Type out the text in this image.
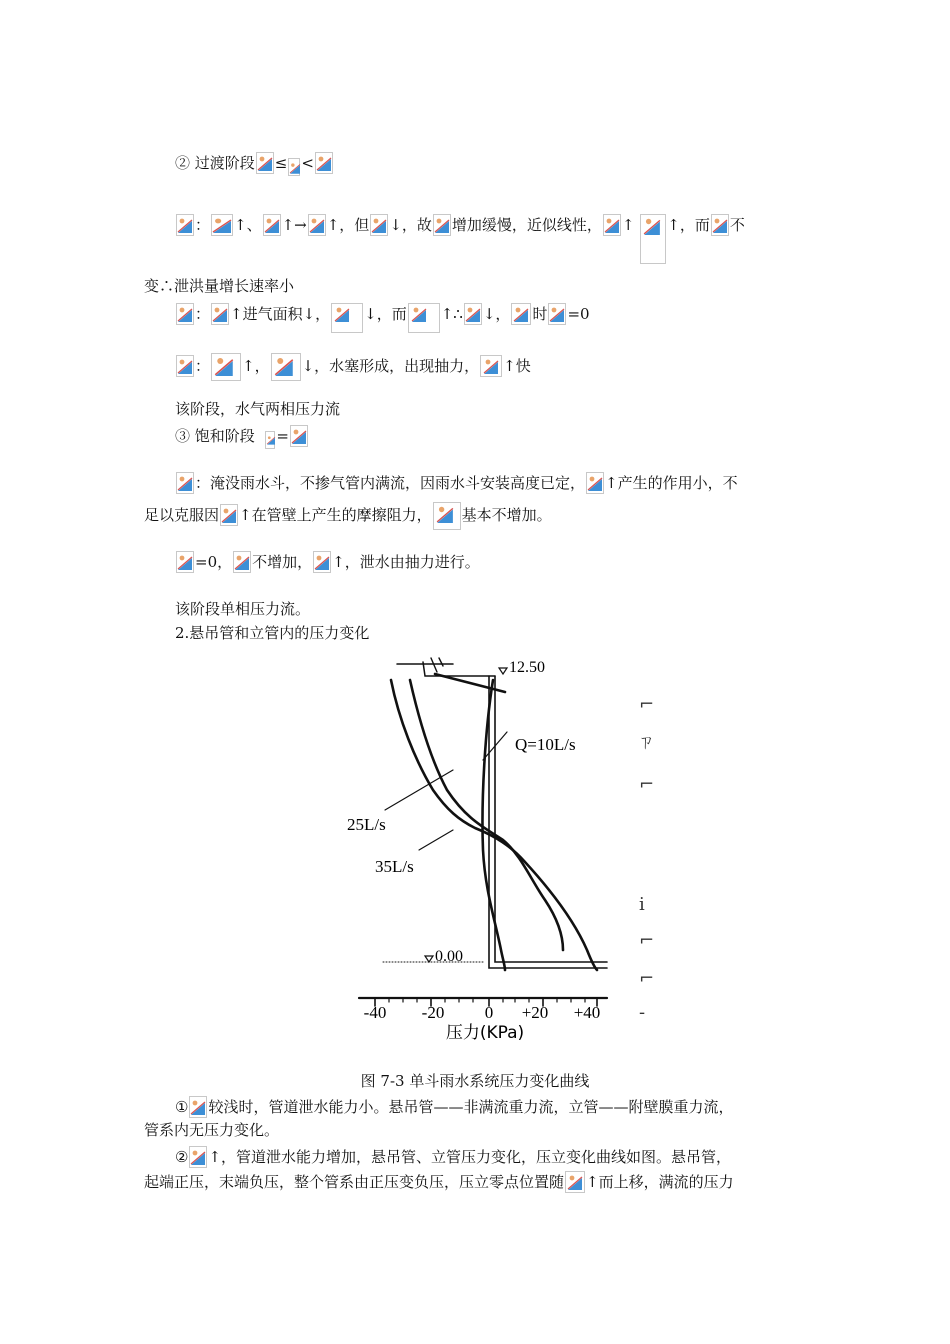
② 过渡阶段 ≤ <
： ↑、 ↑→ ↑，但 ↓，故 增加缓慢，近似线性， ↑ ↑，而 不
变∴泄洪量增长速率小
： ↑进气面积↓， ↓，而 ↑∴ ↓， 时 =0
： ↑， ↓，水塞形成，出现抽力， ↑快
该阶段，水气两相压力流
③ 饱和阶段 =
：淹没雨水斗，不掺气管内满流，因雨水斗安装高度已定， ↑产生的作用小，不
足以克服因 ↑在管壁上产生的摩擦阻力， 基本不增加。
=0， 不增加， ↑，泄水由抽力进行。
该阶段单相压力流。
2.悬吊管和立管内的压力变化
12.50
0.00
Q=10L/s
25L/s
35L/s
-40 -20 0 +20 +40
压力(KPa)
⌐
ㄗ
⌐
i
⌐
⌐
-
图 7-3 单斗雨水系统压力变化曲线
① 较浅时，管道泄水能力小。悬吊管——非满流重力流，立管——附壁膜重力流，
管系内无压力变化。
② ↑，管道泄水能力增加，悬吊管、立管压力变化，压立变化曲线如图。悬吊管，
起端正压，末端负压，整个管系由正压变负压，压立零点位置随 ↑而上移，满流的压力
